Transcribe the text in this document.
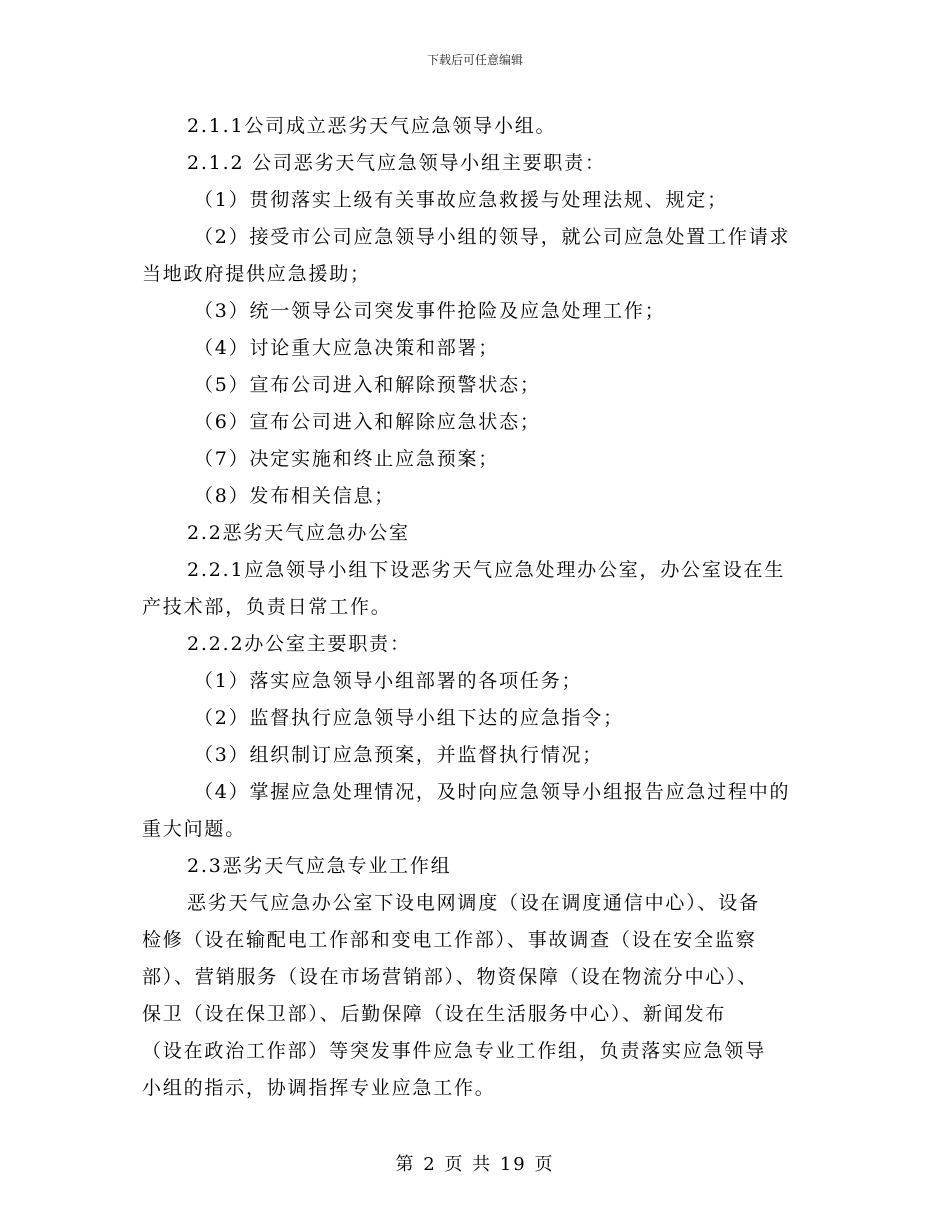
下载后可任意编辑
2.1.1公司成立恶劣天气应急领导小组。
2.1.2 公司恶劣天气应急领导小组主要职责：
（1）贯彻落实上级有关事故应急救援与处理法规、规定；
（2）接受市公司应急领导小组的领导，就公司应急处置工作请求
当地政府提供应急援助；
（3）统一领导公司突发事件抢险及应急处理工作；
（4）讨论重大应急决策和部署；
（5）宣布公司进入和解除预警状态；
（6）宣布公司进入和解除应急状态；
（7）决定实施和终止应急预案；
（8）发布相关信息；
2.2恶劣天气应急办公室
2.2.1应急领导小组下设恶劣天气应急处理办公室，办公室设在生
产技术部，负责日常工作。
2.2.2办公室主要职责：
（1）落实应急领导小组部署的各项任务；
（2）监督执行应急领导小组下达的应急指令；
（3）组织制订应急预案，并监督执行情况；
（4）掌握应急处理情况，及时向应急领导小组报告应急过程中的
重大问题。
2.3恶劣天气应急专业工作组
恶劣天气应急办公室下设电网调度（设在调度通信中心）、设备
检修（设在输配电工作部和变电工作部）、事故调查（设在安全监察
部）、营销服务（设在市场营销部）、物资保障（设在物流分中心）、
保卫（设在保卫部）、后勤保障（设在生活服务中心）、新闻发布
（设在政治工作部）等突发事件应急专业工作组，负责落实应急领导
小组的指示，协调指挥专业应急工作。
第 2 页 共 19 页
